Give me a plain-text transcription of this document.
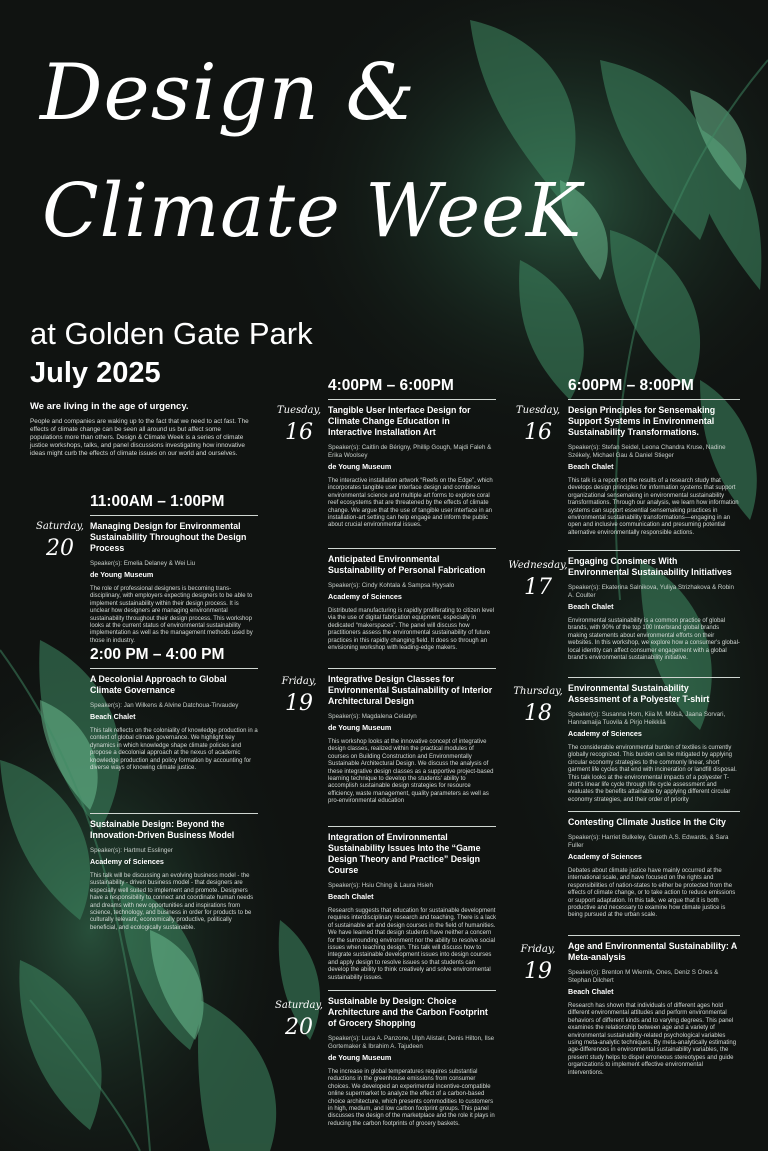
Design &
Climate WeeK
at Golden Gate Park
July 2025
We are living in the age of urgency.
People and companies are waking up to the fact that we need to act fast. The effects of climate change can be seen all around us but affect some populations more than others. Design & Climate Week is a series of climate justice workshops, talks, and panel discussions investigating how innovative ideas might curb the effects of climate issues on our world and ourselves.
11:00AM – 1:00PM
Saturday,
20
Managing Design for Environmental Sustainability Throughout the Design Process
Speaker(s): Emelia Delaney & Wei Liu
de Young Museum
The role of professional designers is becoming trans-disciplinary, with employers expecting designers to be able to implement sustainability within their design process. It is unclear how designers are managing environmental sustainability throughout their design process. This workshop looks at the current status of environmental sustainability implementation as well as the management methods used by those in industry.
2:00 PM – 4:00 PM
A Decolonial Approach to Global Climate Governance
Speaker(s): Jan Wilkens & Alvine Datchoua-Tirvaudey
Beach Chalet
This talk reflects on the coloniality of knowledge production in a context of global climate governance. We highlight key dynamics in which knowledge shape climate policies and propose a decolonial approach at the nexus of academic knowledge production and policy formation by accounting for diverse ways of knowing climate justice.
Sustainable Design: Beyond the Innovation-Driven Business Model
Speaker(s): Hartmut Esslinger
Academy of Sciences
This talk will be discussing an evolving business model - the sustainability - driven business model - that designers are especially well suited to implement and promote. Designers have a responsibility to connect and coordinate human needs and dreams with new opportunities and inspirations from science, technology, and business in order for products to be culturally relevant, economically productive, politically beneficial, and ecologically sustainable.
4:00PM – 6:00PM
Tuesday,
16
Tangible User Interface Design for Climate Change Education in Interactive Installation Art
Speaker(s): Caitlin de Bérigny, Phillip Gough, Majdi Faleh & Erika Woolsey
de Young Museum
The interactive installation artwork “Reefs on the Edge”, which incorporates tangible user interface design and combines environmental science and multiple art forms to explore coral reef ecosystems that are threatened by the effects of climate change. We argue that the use of tangible user interface in an installation-art setting can help engage and inform the public about crucial environmental issues.
Anticipated Environmental Sustainability of Personal Fabrication
Speaker(s): Cindy Kohtala & Sampsa Hyysalo
Academy of Sciences
Distributed manufacturing is rapidly proliferating to citizen level via the use of digital fabrication equipment, especially in dedicated “makerspaces”. The panel will discuss how practitioners assess the environmental sustainability of future practices in this rapidly changing field. It does so through an envisioning workshop with leading-edge makers.
Friday,
19
Integrative Design Classes for Environmental Sustainability of Interior Architectural Design
Speaker(s): Magdalena Celadyn
de Young Museum
This workshop looks at the innovative concept of integrative design classes, realized within the practical modules of courses on Building Construction and Environmentally Sustainable Architectural Design. We discuss the analysis of these integrative design classes as a supportive project-based learning technique to develop the students' ability to accomplish sustainable design strategies for resource efficiency, waste management, quality parameters as well as pro-environmental education
Integration of Environmental Sustainability Issues Into the “Game Design Theory and Practice” Design Course
Speaker(s): Hsiu Ching & Laura Hsieh
Beach Chalet
Research suggests that education for sustainable development requires interdisciplinary research and teaching. There is a lack of sustainable art and design courses in the field of humanities. We have learned that design students have neither a concern for the surrounding environment nor the ability to resolve social issues when teaching design. This talk will discuss how to integrate sustainable development issues into design courses and apply design to resolve issues so that students can develop the ability to think creatively and solve environmental sustainability issues.
Saturday,
20
Sustainable by Design: Choice Architecture and the Carbon Footprint of Grocery Shopping
Speaker(s): Luca A. Panzone, Ulph Alistair, Denis Hilton, Ilse Gortemaker & Ibrahim A. Tajudeen
de Young Museum
The increase in global temperatures requires substantial reductions in the greenhouse emissions from consumer choices. We developed an experimental incentive-compatible online supermarket to analyze the effect of a carbon-based choice architecture, which presents commodities to customers in high, medium, and low carbon footprint groups. This panel discusses the design of the marketplace and the role it plays in reducing the carbon footprints of grocery baskets.
6:00PM – 8:00PM
Tuesday,
16
Design Principles for Sensemaking Support Systems in Environmental Sustainability Transformations.
Speaker(s): Stefan Seidel, Leona Chandra Kruse, Nadine Székely, Michael Gau & Daniel Stieger
Beach Chalet
This talk is a report on the results of a research study that develops design principles for information systems that support organizational sensemaking in environmental sustainability transformations. Through our analysis, we learn how information systems can support essential sensemaking practices in environmental sustainability transformations—engaging in an open and inclusive communication and presuming potential alternative environmentally responsible actions.
Wednesday,
17
Engaging Consimers With Environmental Sustainability Initiatives
Speaker(s): Ekaterina Salnikova, Yuliya Strizhakova & Robin A. Coulter
Beach Chalet
Environmental sustainability is a common practice of global brands, with 90% of the top 100 Interbrand global brands making statements about environmental efforts on their websites. In this workshop, we explore how a consumer's global-local identity can affect consumer engagement with a global brand's environmental sustainability initiative.
Thursday,
18
Environmental Sustainability Assessment of a Polyester T-shirt
Speaker(s): Susanna Horn, Kiia M. Mölsä, Jaana Sorvari, Hannamaija Tuovila & Pirjo Heikkilä
Academy of Sciences
The considerable environmental burden of textiles is currently globally recognized. This burden can be mitigated by applying circular economy strategies to the commonly linear, short garment life cycles that end with incineration or landfill disposal. This talk looks at the environmental impacts of a polyester T-shirt's linear life cycle through life cycle assessment and evaluates the benefits attainable by applying different circular economy strategies, and their order of priority
Contesting Climate Justice In the City
Speaker(s): Harriet Bulkeley, Gareth A.S. Edwards, & Sara Fuller
Academy of Sciences
Debates about climate justice have mainly occurred at the international scale, and have focused on the rights and responsibilities of nation-states to either be protected from the effects of climate change, or to take action to reduce emissions or support adaptation. In this talk, we argue that it is both productive and necessary to examine how climate justice is being pursued at the urban scale.
Friday,
19
Age and Environmental Sustainability: A Meta-analysis
Speaker(s): Brenton M Wiernik, Ones, Deniz S Ones & Stephan Dilchert
Beach Chalet
Research has shown that individuals of different ages hold different environmental attitudes and perform environmental behaviors of different kinds and to varying degrees. This panel examines the relationship between age and a variety of environmental sustainability-related psychological variables using meta-analytic techniques. By meta-analytically estimating age-differences in environmental sustainability variables, the present study helps to dispel erroneous stereotypes and guide organizations to implement effective environmental interventions.
